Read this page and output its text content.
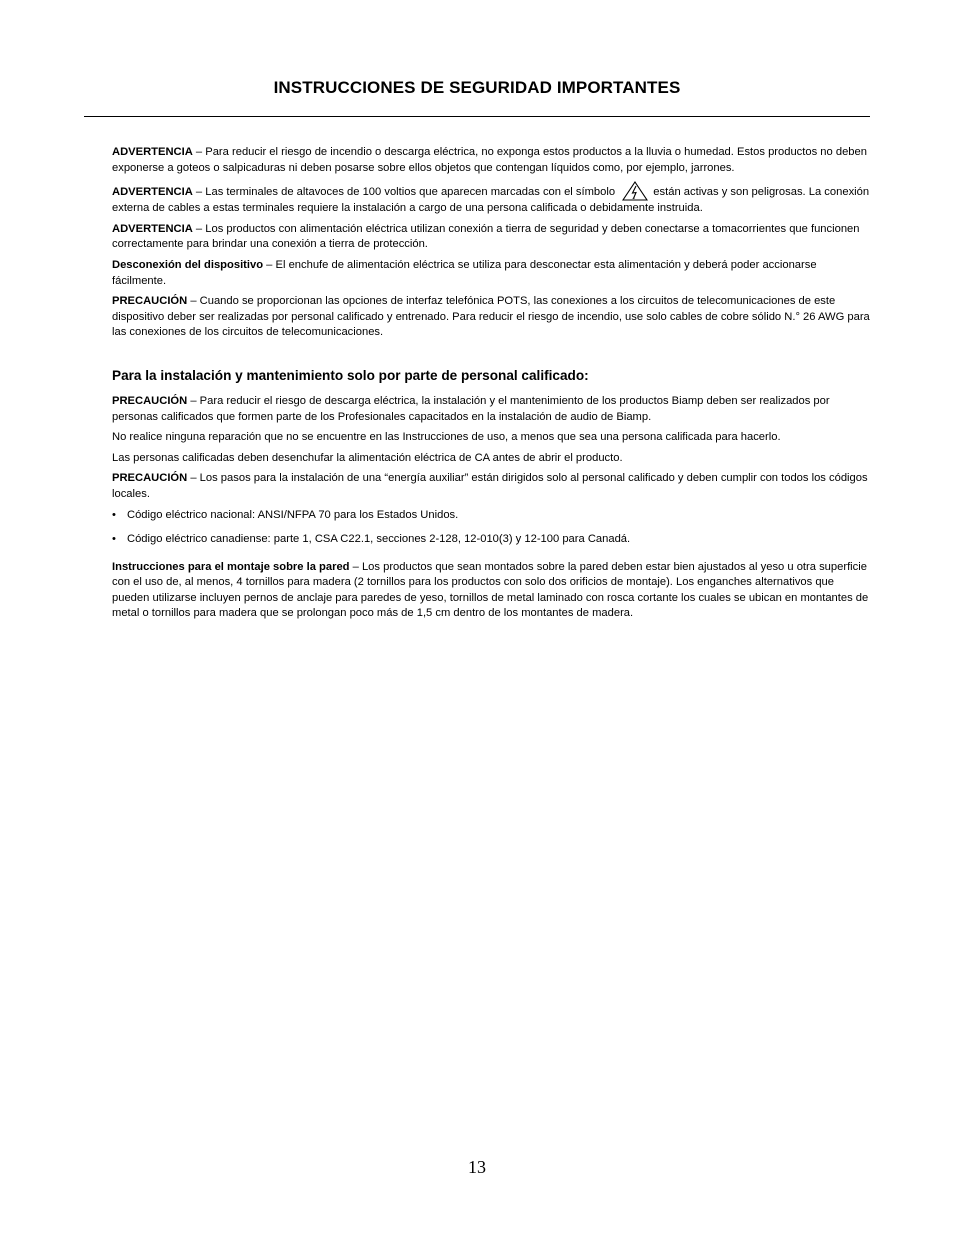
INSTRUCCIONES DE SEGURIDAD IMPORTANTES

ADVERTENCIA – Para reducir el riesgo de incendio o descarga eléctrica, no exponga estos productos a la lluvia o humedad. Estos productos no deben exponerse a goteos o salpicaduras ni deben posarse sobre ellos objetos que contengan líquidos como, por ejemplo, jarrones.

ADVERTENCIA – Las terminales de altavoces de 100 voltios que aparecen marcadas con el símbolo	están activas y son peligrosas. La conexión externa de cables a estas terminales requiere la instalación a cargo de una persona calificada o debidamente instruida.

ADVERTENCIA – Los productos con alimentación eléctrica utilizan conexión a tierra de seguridad y deben conectarse a tomacorrientes que funcionen correctamente para brindar una conexión a tierra de protección.

Desconexión del dispositivo – El enchufe de alimentación eléctrica se utiliza para desconectar esta alimentación y deberá poder accionarse fácilmente.

PRECAUCIÓN – Cuando se proporcionan las opciones de interfaz telefónica POTS, las conexiones a los circuitos de telecomunicaciones de este dispositivo deber ser realizadas por personal calificado y entrenado. Para reducir el riesgo de incendio, use solo cables de cobre sólido N.° 26 AWG para las conexiones de los circuitos de telecomunicaciones.

Para la instalación y mantenimiento solo por parte de personal calificado:

PRECAUCIÓN – Para reducir el riesgo de descarga eléctrica, la instalación y el mantenimiento de los productos Biamp deben ser realizados por personas calificados que formen parte de los Profesionales capacitados en la instalación de audio de Biamp.

No realice ninguna reparación que no se encuentre en las Instrucciones de uso, a menos que sea una persona calificada para hacerlo.

Las personas calificadas deben desenchufar la alimentación eléctrica de CA antes de abrir el producto.

PRECAUCIÓN – Los pasos para la instalación de una “energía auxiliar” están dirigidos solo al personal calificado y deben cumplir con todos los códigos locales.

• Código eléctrico nacional: ANSI/NFPA 70 para los Estados Unidos.

• Código eléctrico canadiense: parte 1, CSA C22.1, secciones 2-128, 12-010(3) y 12-100 para Canadá.

Instrucciones para el montaje sobre la pared – Los productos que sean montados sobre la pared deben estar bien ajustados al yeso u otra superficie con el uso de, al menos, 4 tornillos para madera (2 tornillos para los productos con solo dos orificios de montaje). Los enganches alternativos que pueden utilizarse incluyen pernos de anclaje para paredes de yeso, tornillos de metal laminado con rosca cortante los cuales se ubican en montantes de metal o tornillos para madera que se prolongan poco más de 1,5 cm dentro de los montantes de madera.

13
